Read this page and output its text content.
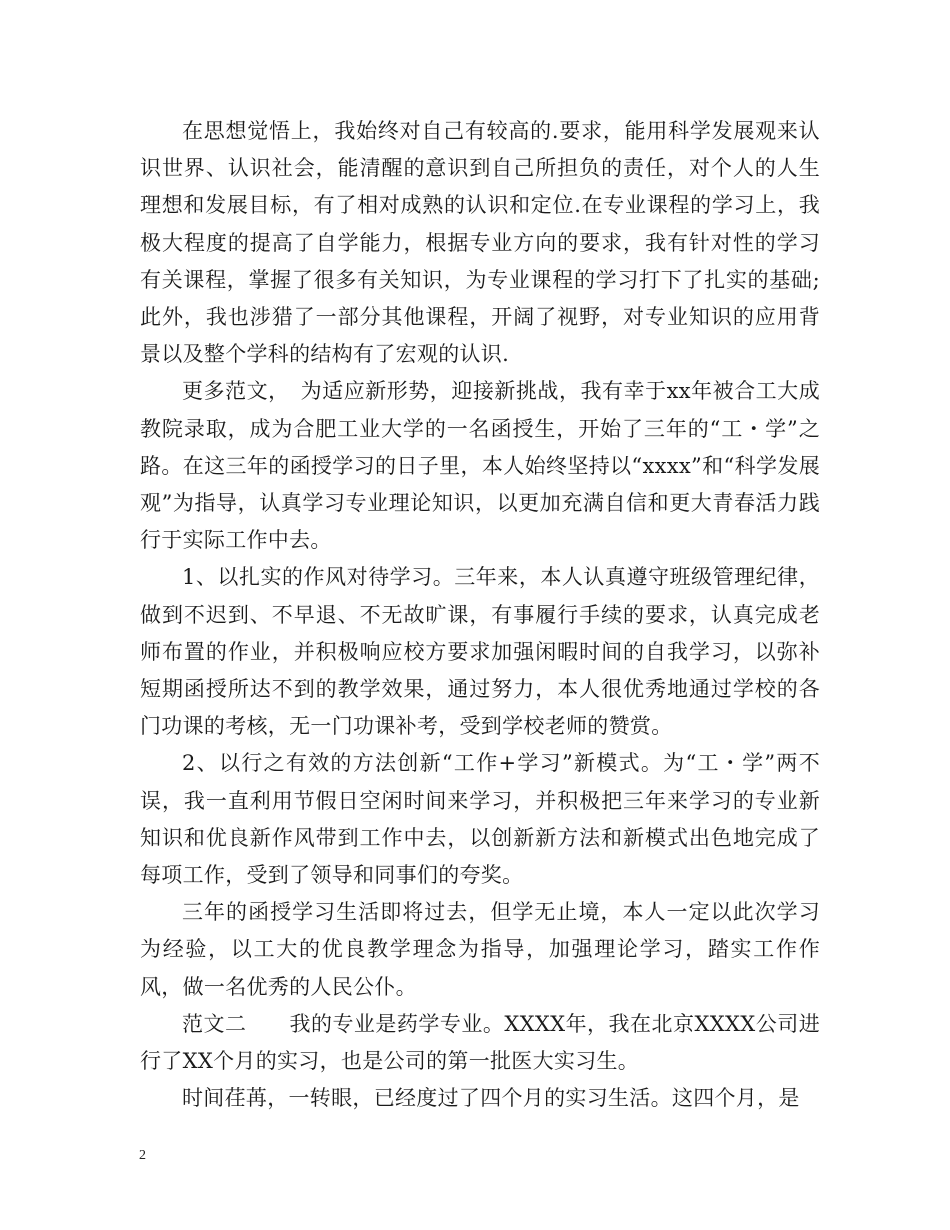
在思想觉悟上，我始终对自己有较高的.要求，能用科学发展观来认识世界、认识社会，能清醒的意识到自己所担负的责任，对个人的人生理想和发展目标，有了相对成熟的认识和定位.在专业课程的学习上，我极大程度的提高了自学能力，根据专业方向的要求，我有针对性的学习有关课程，掌握了很多有关知识，为专业课程的学习打下了扎实的基础;此外，我也涉猎了一部分其他课程，开阔了视野，对专业知识的应用背景以及整个学科的结构有了宏观的认识.

更多范文，　为适应新形势，迎接新挑战，我有幸于xx年被合工大成教院录取，成为合肥工业大学的一名函授生，开始了三年的“工・学”之路。在这三年的函授学习的日子里，本人始终坚持以“xxxx”和“科学发展观”为指导，认真学习专业理论知识，以更加充满自信和更大青春活力践行于实际工作中去。

1、以扎实的作风对待学习。三年来，本人认真遵守班级管理纪律，做到不迟到、不早退、不无故旷课，有事履行手续的要求，认真完成老师布置的作业，并积极响应校方要求加强闲暇时间的自我学习，以弥补短期函授所达不到的教学效果，通过努力，本人很优秀地通过学校的各门功课的考核，无一门功课补考，受到学校老师的赞赏。

2、以行之有效的方法创新“工作+学习”新模式。为“工・学”两不误，我一直利用节假日空闲时间来学习，并积极把三年来学习的专业新知识和优良新作风带到工作中去，以创新新方法和新模式出色地完成了每项工作，受到了领导和同事们的夸奖。

三年的函授学习生活即将过去，但学无止境，本人一定以此次学习为经验，以工大的优良教学理念为指导，加强理论学习，踏实工作作风，做一名优秀的人民公仆。

范文二　　我的专业是药学专业。XXXX年，我在北京XXXX公司进行了XX个月的实习，也是公司的第一批医大实习生。

时间荏苒，一转眼，已经度过了四个月的实习生活。这四个月，是

2
